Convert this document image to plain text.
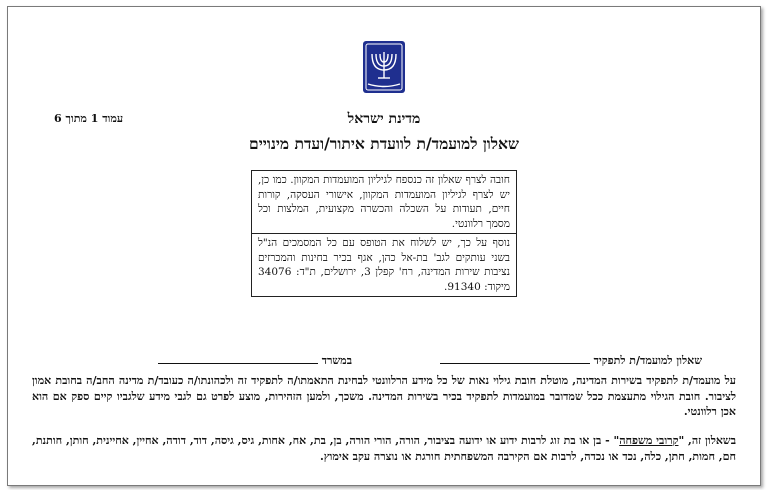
מדינת ישראל
עמוד 1 מתוך 6
שאלון למועמד/ת לוועדת איתור/ועדת מינויים

חובה לצרף שאלון זה כנספח לגיליון המועמדות המקוון. כמו כן, יש לצרף לגיליון המועמדות המקוון, אישורי העסקה, קורות חיים, תעודות על השכלה והכשרה מקצועית, המלצות וכל מסמך רלוונטי.

נוסף על כך, יש לשלוח את הטופס עם כל המסמכים הנ"ל בשני עותקים לגב' בת-אל כהן, אגף בכיר בחינות והמכרזים נציבות שירות המדינה, רח' קפלן 3, ירושלים, ת"ד: 34076 מיקוד: 91340.

שאלון למועמד/ת לתפקיד
במשרד
על מועמד/ת לתפקיד בשירות המדינה, מוטלת חובת גילוי נאות של כל מידע הרלוונטי לבחינת התאמתו/ה לתפקיד זה ולכהונתו/ה כעובד/ת מדינה החב/ה בחובת אמון לציבור. חובת הגילוי מתעצמת ככל שמדובר במועמדות לתפקיד בכיר בשירות המדינה. משכך, ולמען הזהירות, מוצע לפרט גם לגבי מידע שלגביו קיים ספק אם הוא אכן רלוונטי.
בשאלון זה, "קרובי משפחה" - בן או בת זוג לרבות ידוע או ידועה בציבור, הורה, הורי הורה, בן, בת, אח, אחות, גיס, גיסה, דוד, דודה, אחיין, אחיינית, חותן, חותנת, חם, חמות, חתן, כלה, נכד או נכדה, לרבות אם הקירבה המשפחתית חורגת או נוצרה עקב אימוץ.
